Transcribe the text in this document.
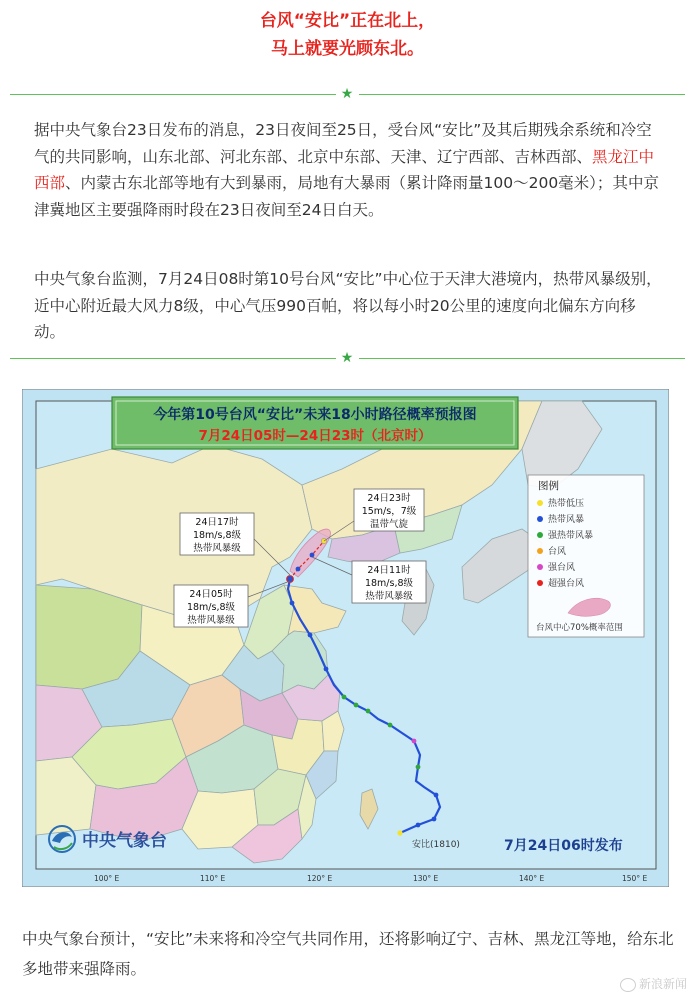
台风“安比”正在北上，
马上就要光顾东北。
★
据中央气象台23日发布的消息，23日夜间至25日，受台风“安比”及其后期残余系统和冷空气的共同影响，山东北部、河北东部、北京中东部、天津、辽宁西部、吉林西部、黑龙江中西部、内蒙古东北部等地有大到暴雨，局地有大暴雨（累计降雨量100～200毫米）；其中京津冀地区主要强降雨时段在23日夜间至24日白天。
中央气象台监测，7月24日08时第10号台风“安比”中心位于天津大港境内，热带风暴级别，近中心附近最大风力8级，中心气压990百帕，将以每小时20公里的速度向北偏东方向移动。
★
今年第10号台风“安比”未来18小时路径概率预报图
7月24日05时—24日23时（北京时）
24日17时
18m/s,8级
热带风暴级
24日23时
15m/s，7级
温带气旋
24日11时
18m/s,8级
热带风暴级
24日05时
18m/s,8级
热带风暴级
图例
热带低压
热带风暴
强热带风暴
台风
强台风
超强台风
台风中心70%概率范围
安比(1810)
中央气象台	7月24日06时发布
100° E	110° E	120° E	130° E	140° E	150° E
中央气象台预计，“安比”未来将和冷空气共同作用，还将影响辽宁、吉林、黑龙江等地，给东北多地带来强降雨。
新浪新闻
